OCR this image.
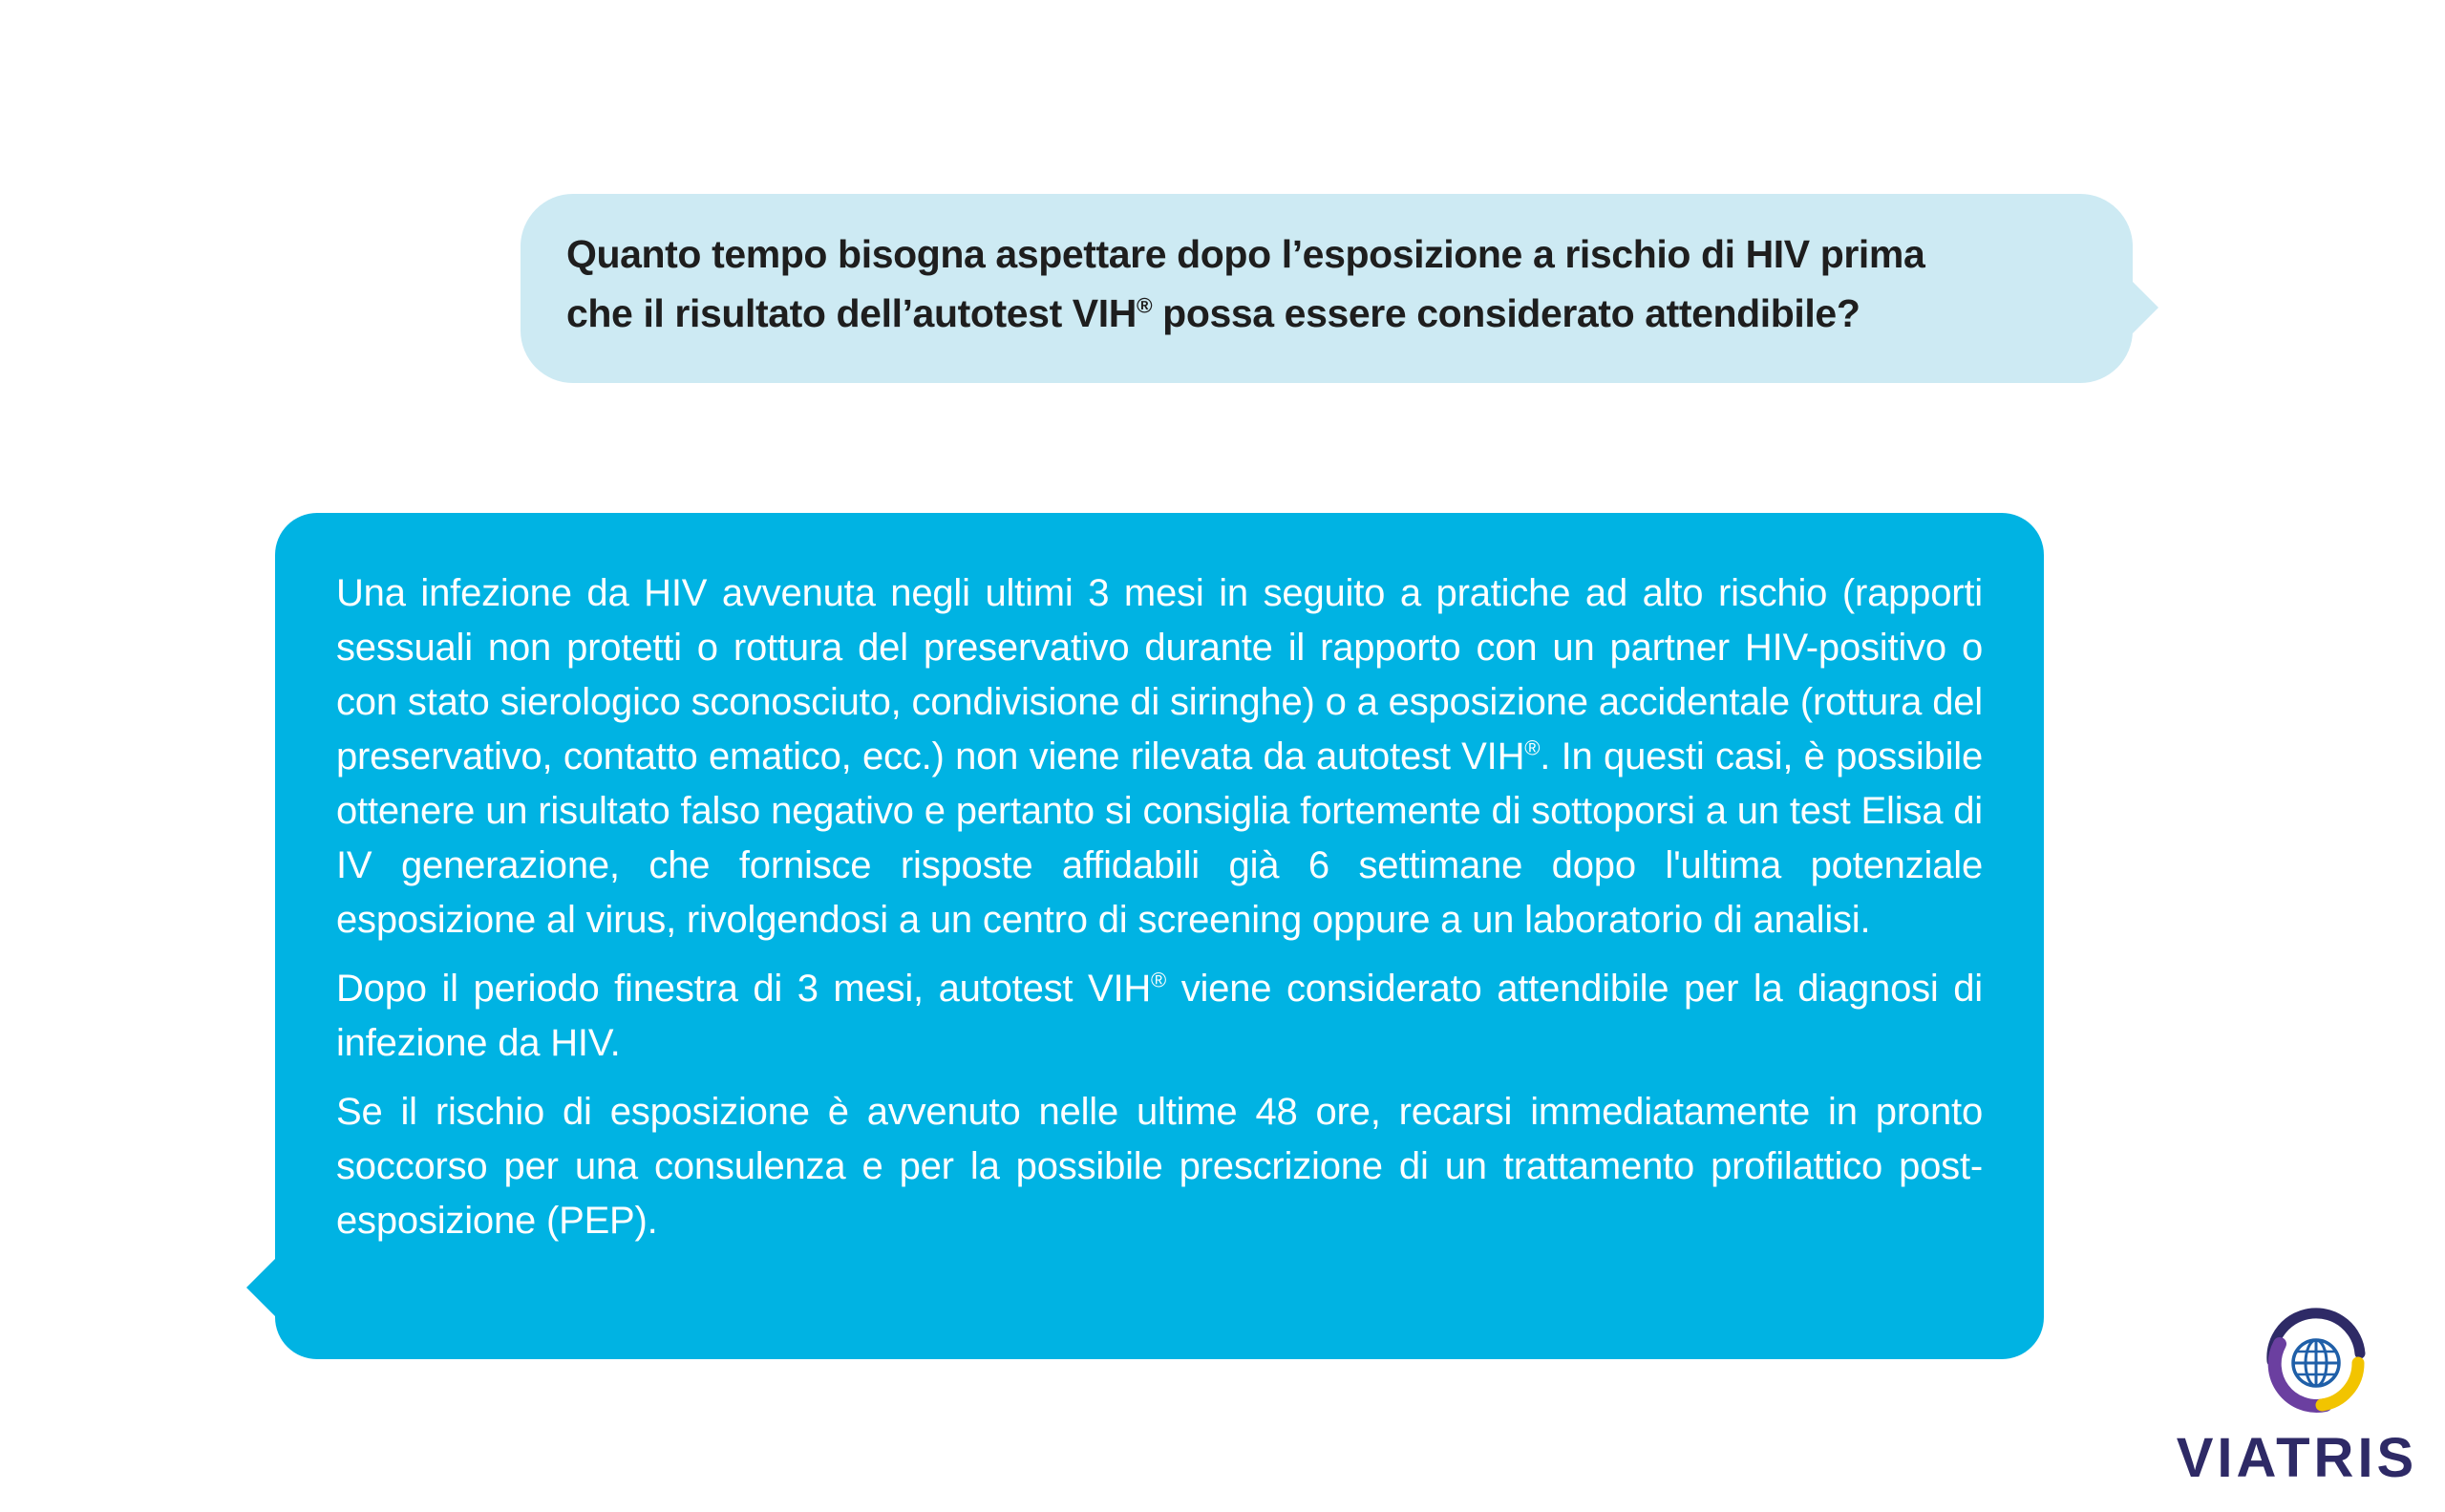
Quanto tempo bisogna aspettare dopo l’esposizione a rischio di HIV prima
che il risultato dell’autotest VIH® possa essere considerato attendibile?

Una infezione da HIV avvenuta negli ultimi 3 mesi in seguito a pratiche ad alto rischio (rapporti sessuali non protetti o rottura del preservativo durante il rapporto con un partner HIV-positivo o con stato sierologico sconosciuto, condivisione di siringhe) o a esposizione accidentale (rottura del preservativo, contatto ematico, ecc.) non viene rilevata da autotest VIH®. In questi casi, è possibile ottenere un risultato falso negativo e pertanto si consiglia fortemente di sottoporsi a un test Elisa di IV generazione, che fornisce risposte affidabili già 6 settimane dopo l'ultima potenziale esposizione al virus, rivolgendosi a un centro di screening oppure a un laboratorio di analisi.

Dopo il periodo finestra di 3 mesi, autotest VIH® viene considerato attendibile per la diagnosi di infezione da HIV.

Se il rischio di esposizione è avvenuto nelle ultime 48 ore, recarsi immediatamente in pronto soccorso per una consulenza e per la possibile prescrizione di un trattamento profilattico post-esposizione (PEP).

VIATRIS
